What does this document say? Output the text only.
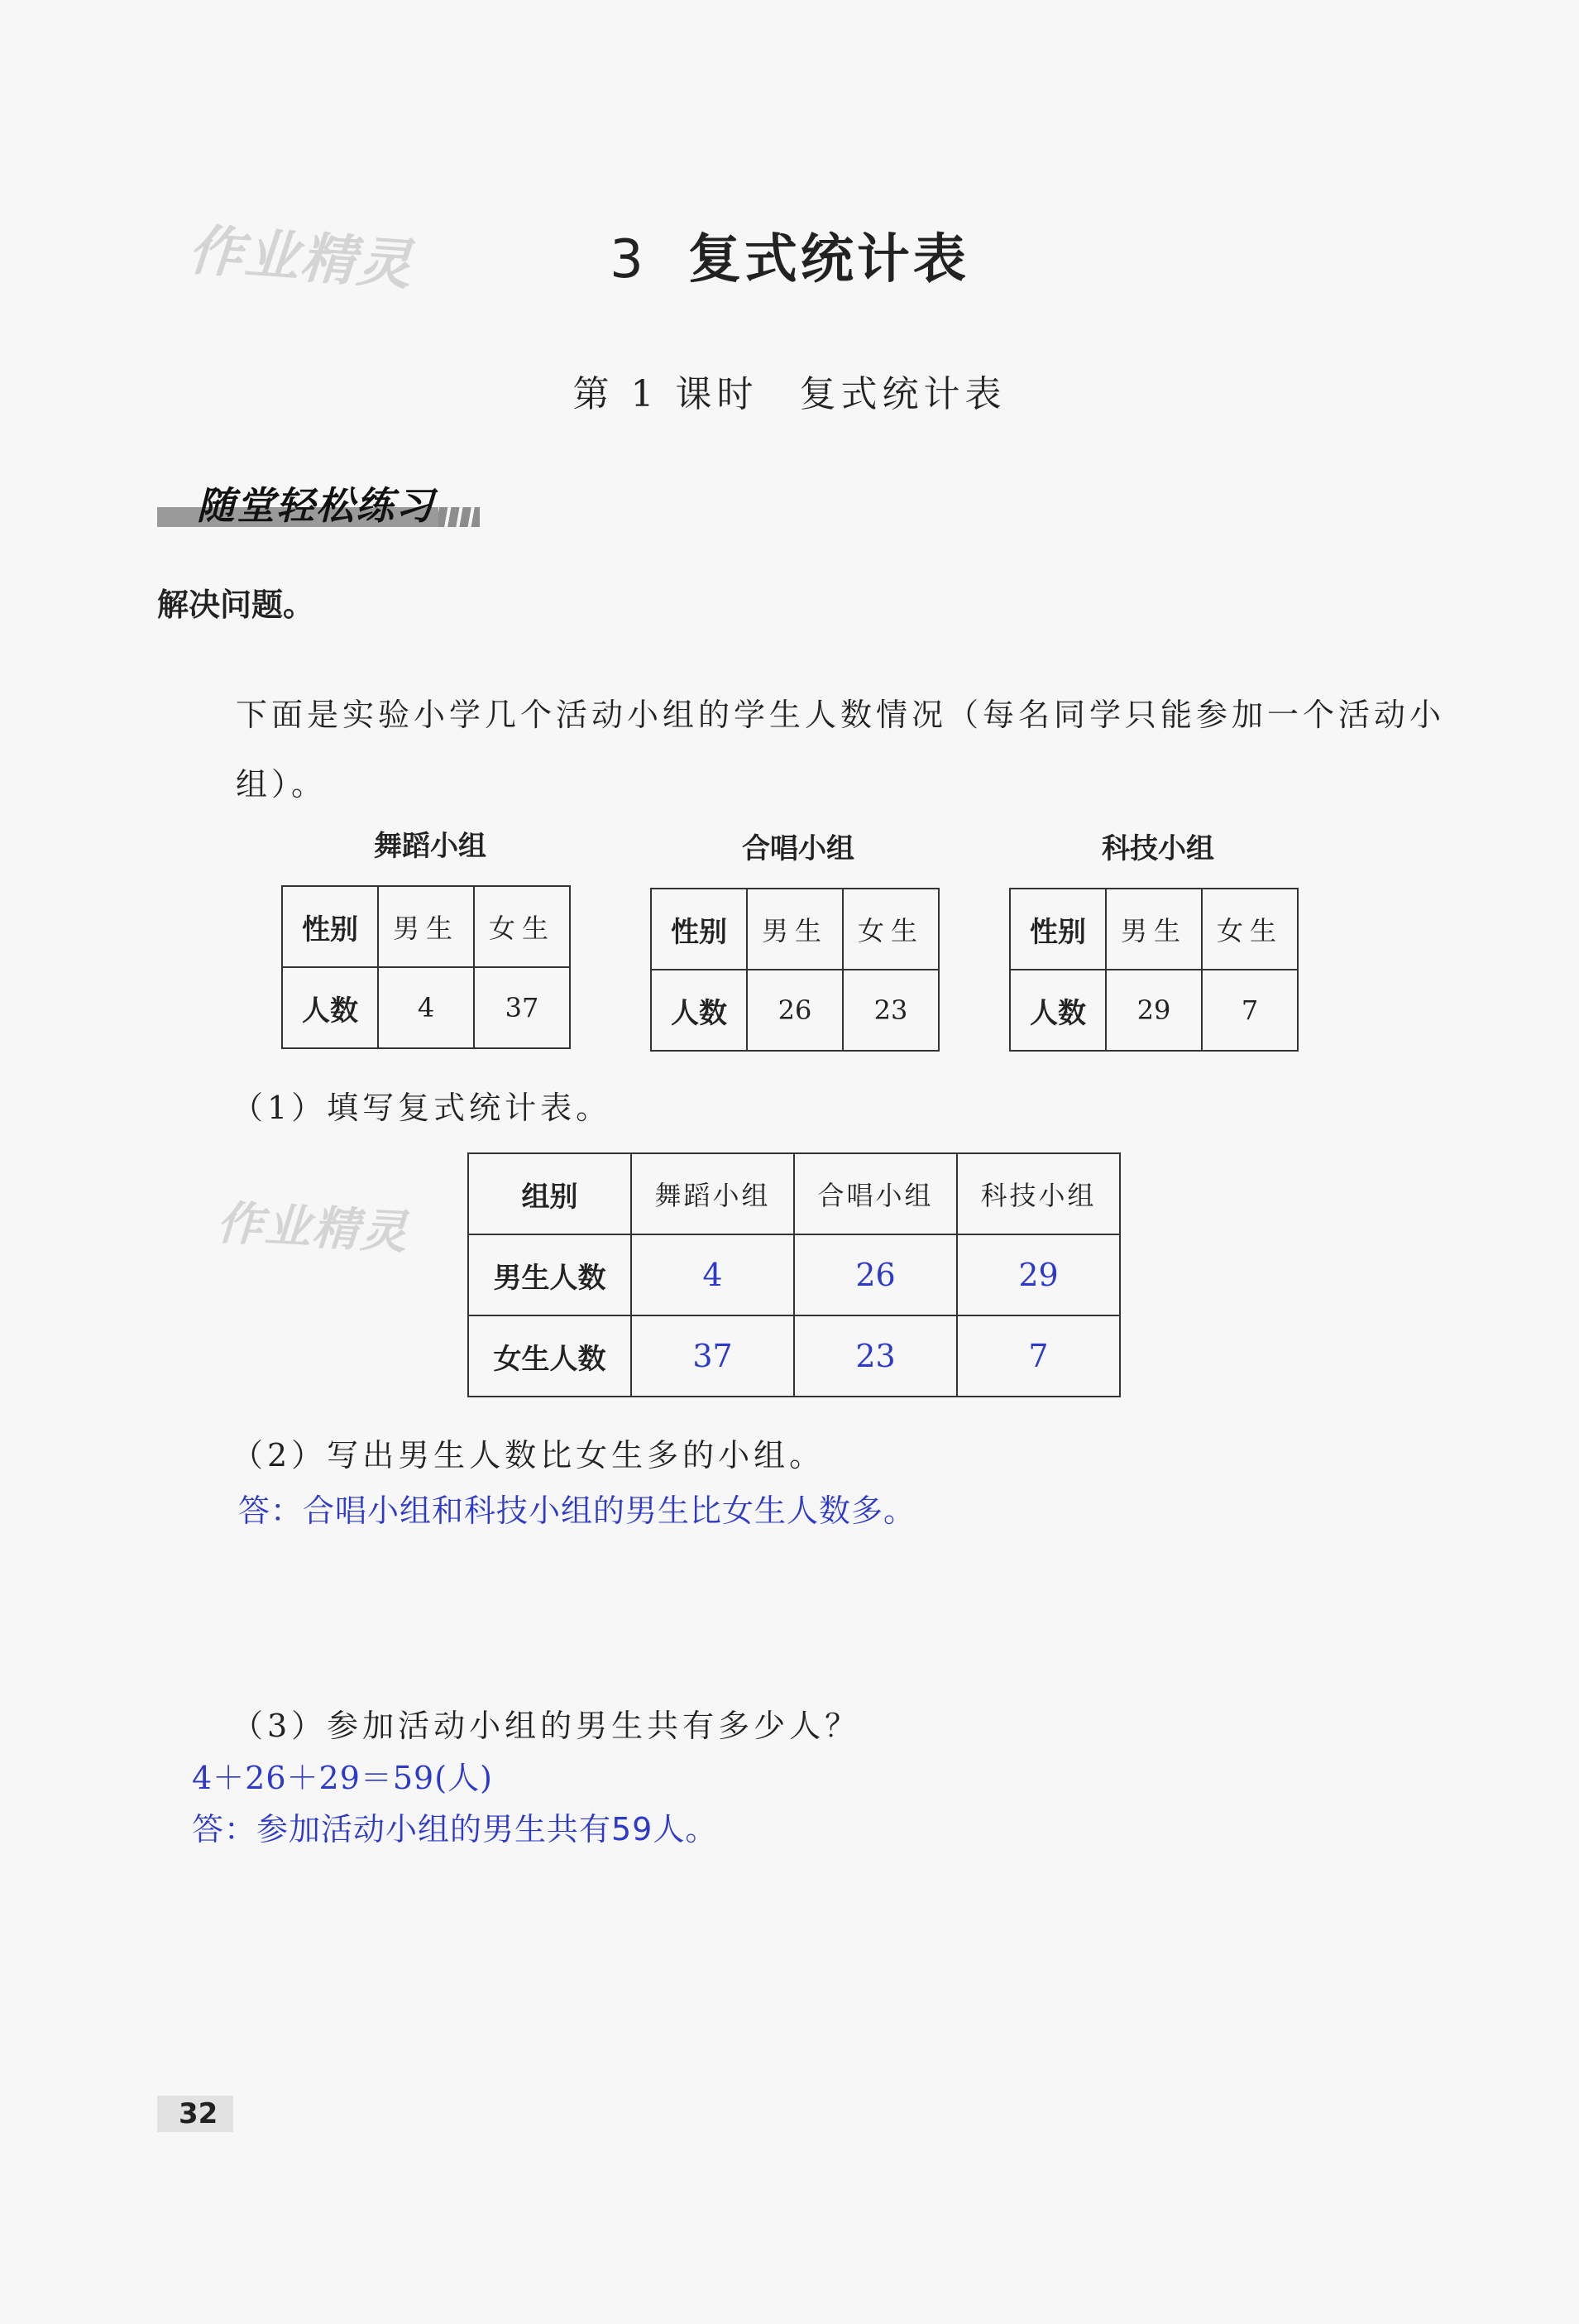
作业精灵	3 复式统计表
第 1 课时 复式统计表
随堂轻松练习
解决问题。
下面是实验小学几个活动小组的学生人数情况（每名同学只能参加一个活动小组）。
舞蹈小组
性别	男生	女生
人数	4	37
合唱小组
性别	男生	女生
人数	26	23
科技小组
性别	男生	女生
人数	29	7
（1）填写复式统计表。
作业精灵	组别	舞蹈小组	合唱小组	科技小组
男生人数	4	26	29
女生人数	37	23	7
（2）写出男生人数比女生多的小组。
答：合唱小组和科技小组的男生比女生人数多。
（3）参加活动小组的男生共有多少人？
4＋26＋29＝59(人)
答：参加活动小组的男生共有59人。
32
